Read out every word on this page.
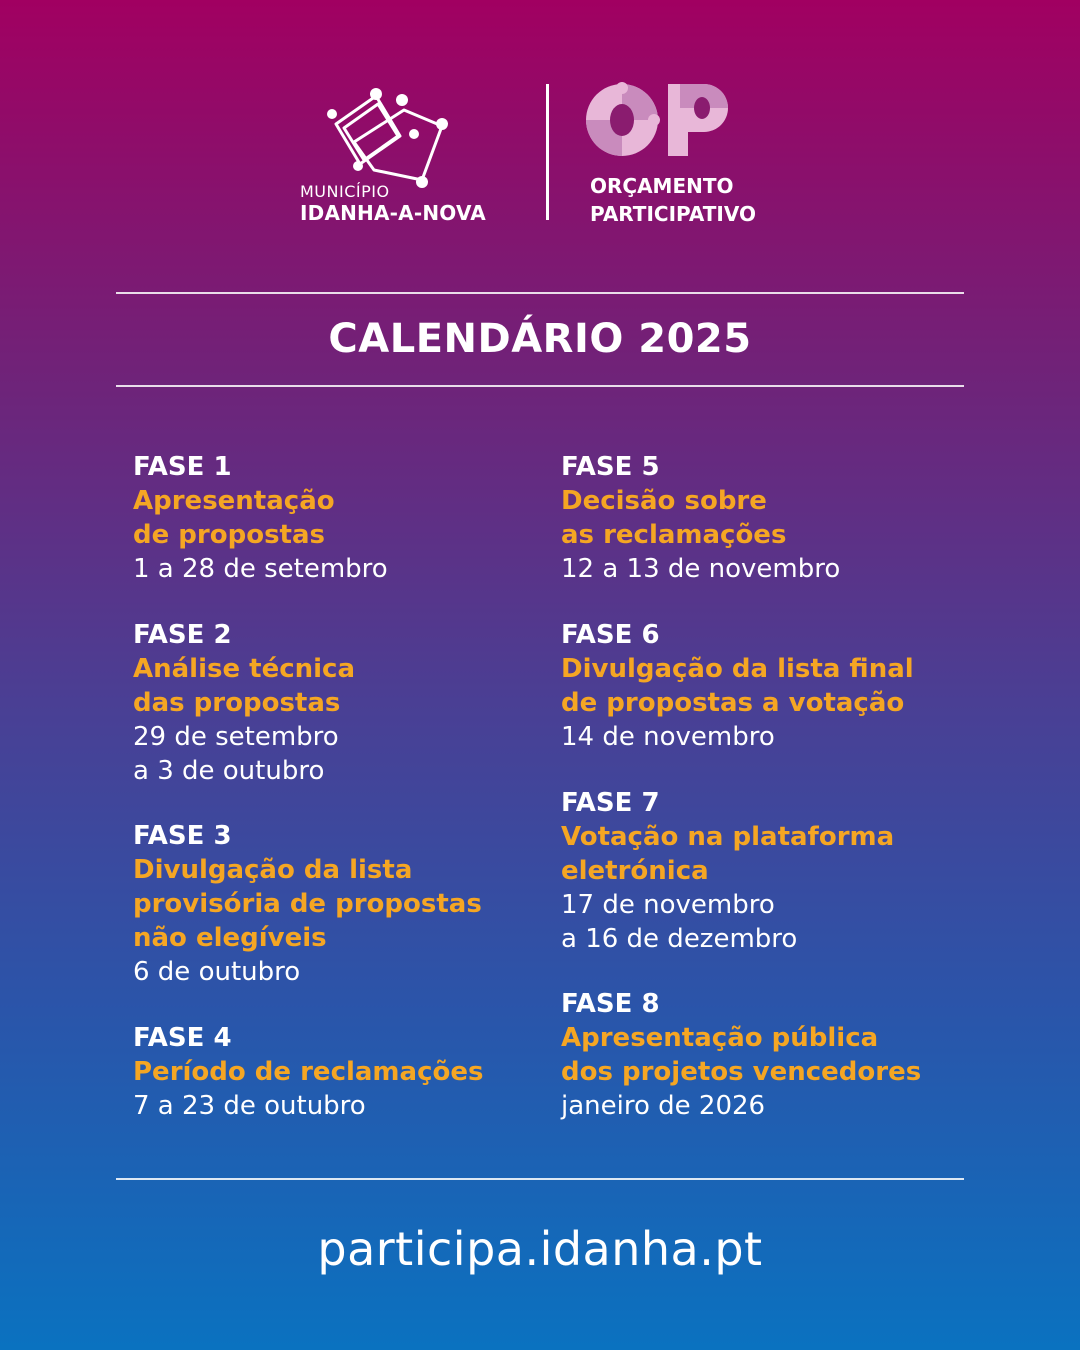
MUNICÍPIO
IDANHA-A-NOVA
ORÇAMENTO
PARTICIPATIVO
CALENDÁRIO 2025
FASE 1
Apresentação
de propostas
1 a 28 de setembro
FASE 2
Análise técnica
das propostas
29 de setembro
a 3 de outubro
FASE 3
Divulgação da lista
provisória de propostas
não elegíveis
6 de outubro
FASE 4
Período de reclamações
7 a 23 de outubro
FASE 5
Decisão sobre
as reclamações
12 a 13 de novembro
FASE 6
Divulgação da lista final
de propostas a votação
14 de novembro
FASE 7
Votação na plataforma
eletrónica
17 de novembro
a 16 de dezembro
FASE 8
Apresentação pública
dos projetos vencedores
janeiro de 2026
participa.idanha.pt
